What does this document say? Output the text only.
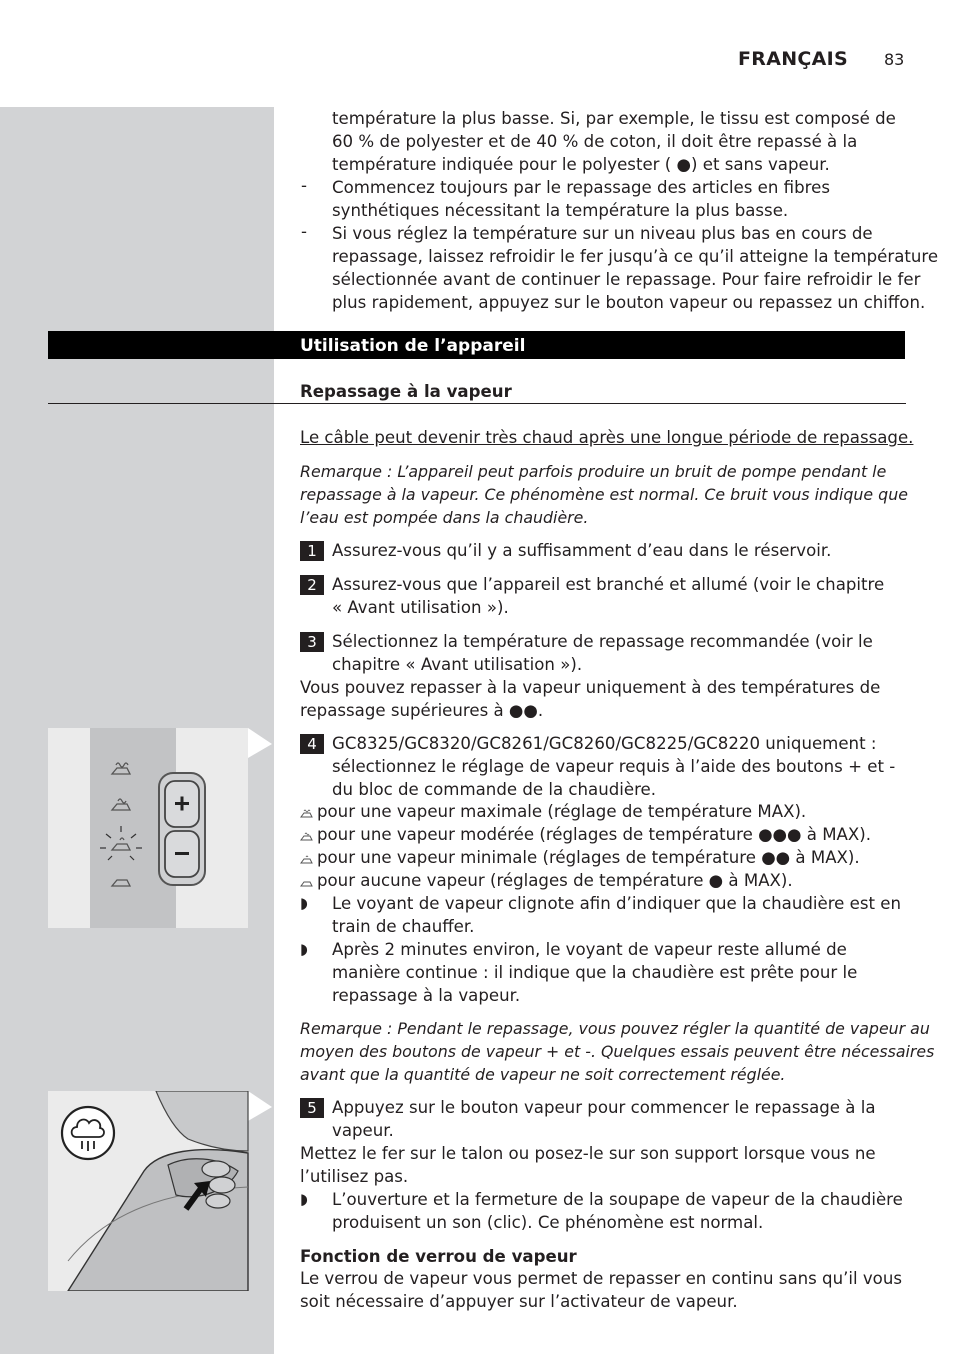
FRANÇAIS 83
température la plus basse. Si, par exemple, le tissu est composé de
60 % de polyester et de 40 % de coton, il doit être repassé à la
température indiquée pour le polyester ( ●) et sans vapeur.
- Commencez toujours par le repassage des articles en fibres
synthétiques nécessitant la température la plus basse.
- Si vous réglez la température sur un niveau plus bas en cours de
repassage, laissez refroidir le fer jusqu’à ce qu’il atteigne la température
sélectionnée avant de continuer le repassage. Pour faire refroidir le fer
plus rapidement, appuyez sur le bouton vapeur ou repassez un chiffon.
Utilisation de l’appareil
Repassage à la vapeur
Le câble peut devenir très chaud après une longue période de repassage.
Remarque : L’appareil peut parfois produire un bruit de pompe pendant le
repassage à la vapeur. Ce phénomène est normal. Ce bruit vous indique que
l’eau est pompée dans la chaudière.
1 Assurez-vous qu’il y a suffisamment d’eau dans le réservoir.
2 Assurez-vous que l’appareil est branché et allumé (voir le chapitre
« Avant utilisation »).
3 Sélectionnez la température de repassage recommandée (voir le
chapitre « Avant utilisation »).
Vous pouvez repasser à la vapeur uniquement à des températures de
repassage supérieures à ●●.
4 GC8325/GC8320/GC8261/GC8260/GC8225/GC8220 uniquement :
sélectionnez le réglage de vapeur requis à l’aide des boutons + et -
du bloc de commande de la chaudière.
pour une vapeur maximale (réglage de température MAX).
pour une vapeur modérée (réglages de température ●●● à MAX).
pour une vapeur minimale (réglages de température ●● à MAX).
pour aucune vapeur (réglages de température ● à MAX).
◗ Le voyant de vapeur clignote afin d’indiquer que la chaudière est en
train de chauffer.
◗ Après 2 minutes environ, le voyant de vapeur reste allumé de
manière continue : il indique que la chaudière est prête pour le
repassage à la vapeur.
Remarque : Pendant le repassage, vous pouvez régler la quantité de vapeur au
moyen des boutons de vapeur + et -. Quelques essais peuvent être nécessaires
avant que la quantité de vapeur ne soit correctement réglée.
5 Appuyez sur le bouton vapeur pour commencer le repassage à la
vapeur.
Mettez le fer sur le talon ou posez-le sur son support lorsque vous ne
l’utilisez pas.
◗ L’ouverture et la fermeture de la soupape de vapeur de la chaudière
produisent un son (clic). Ce phénomène est normal.
Fonction de verrou de vapeur
Le verrou de vapeur vous permet de repasser en continu sans qu’il vous
soit nécessaire d’appuyer sur l’activateur de vapeur.
